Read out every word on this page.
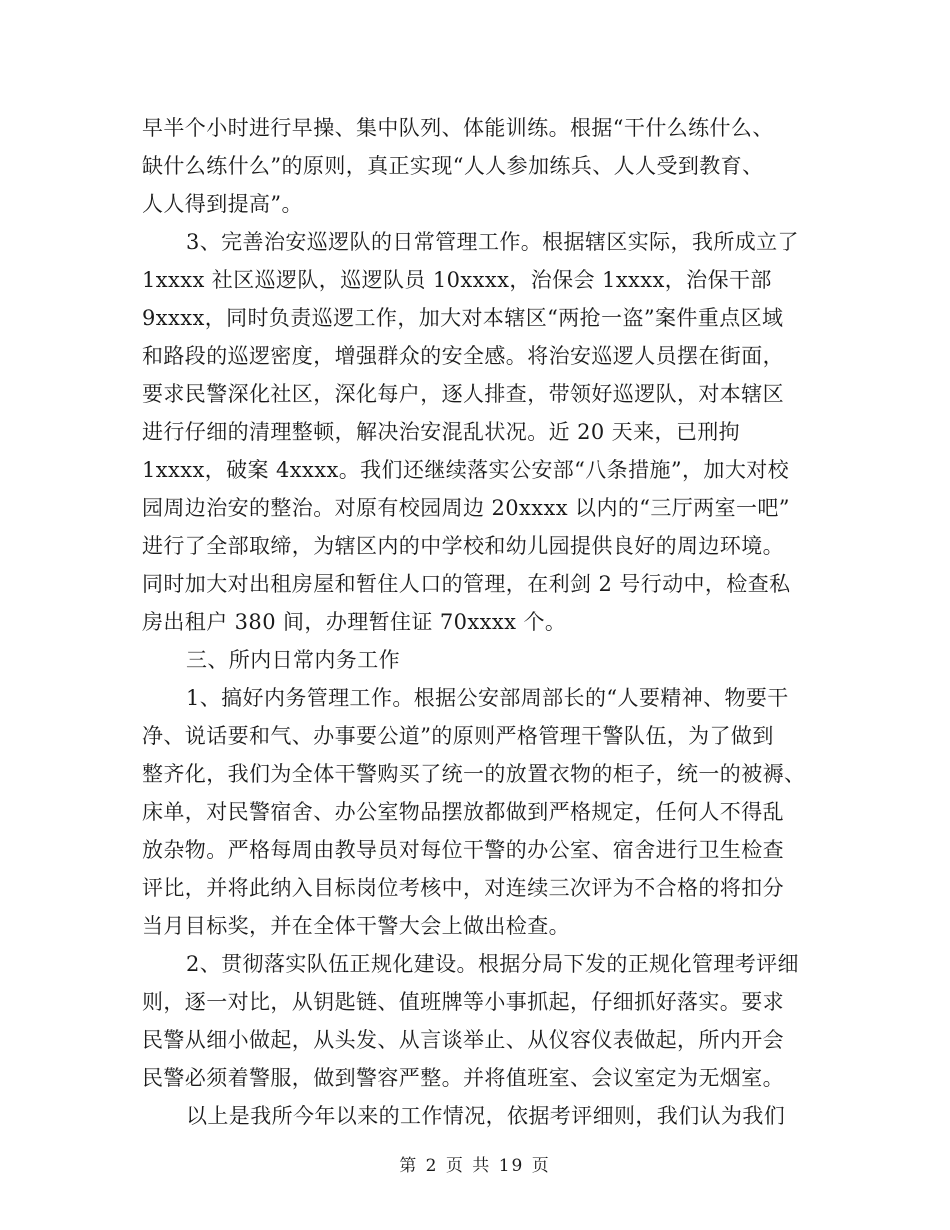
早半个小时进行早操、集中队列、体能训练。根据“干什么练什么、
缺什么练什么”的原则，真正实现“人人参加练兵、人人受到教育、
人人得到提高”。
3、完善治安巡逻队的日常管理工作。根据辖区实际，我所成立了
1xxxx 社区巡逻队，巡逻队员 10xxxx，治保会 1xxxx，治保干部
9xxxx，同时负责巡逻工作，加大对本辖区“两抢一盗”案件重点区域
和路段的巡逻密度，增强群众的安全感。将治安巡逻人员摆在街面，
要求民警深化社区，深化每户，逐人排查，带领好巡逻队，对本辖区
进行仔细的清理整顿，解决治安混乱状况。近 20 天来，已刑拘
1xxxx，破案 4xxxx。我们还继续落实公安部“八条措施”，加大对校
园周边治安的整治。对原有校园周边 20xxxx 以内的“三厅两室一吧”
进行了全部取缔，为辖区内的中学校和幼儿园提供良好的周边环境。
同时加大对出租房屋和暂住人口的管理，在利剑 2 号行动中，检查私
房出租户 380 间，办理暂住证 70xxxx 个。
三、所内日常内务工作
1、搞好内务管理工作。根据公安部周部长的“人要精神、物要干
净、说话要和气、办事要公道”的原则严格管理干警队伍，为了做到
整齐化，我们为全体干警购买了统一的放置衣物的柜子，统一的被褥、
床单，对民警宿舍、办公室物品摆放都做到严格规定，任何人不得乱
放杂物。严格每周由教导员对每位干警的办公室、宿舍进行卫生检查
评比，并将此纳入目标岗位考核中，对连续三次评为不合格的将扣分
当月目标奖，并在全体干警大会上做出检查。
2、贯彻落实队伍正规化建设。根据分局下发的正规化管理考评细
则，逐一对比，从钥匙链、值班牌等小事抓起，仔细抓好落实。要求
民警从细小做起，从头发、从言谈举止、从仪容仪表做起，所内开会
民警必须着警服，做到警容严整。并将值班室、会议室定为无烟室。
以上是我所今年以来的工作情况，依据考评细则，我们认为我们
第 2 页 共 19 页
